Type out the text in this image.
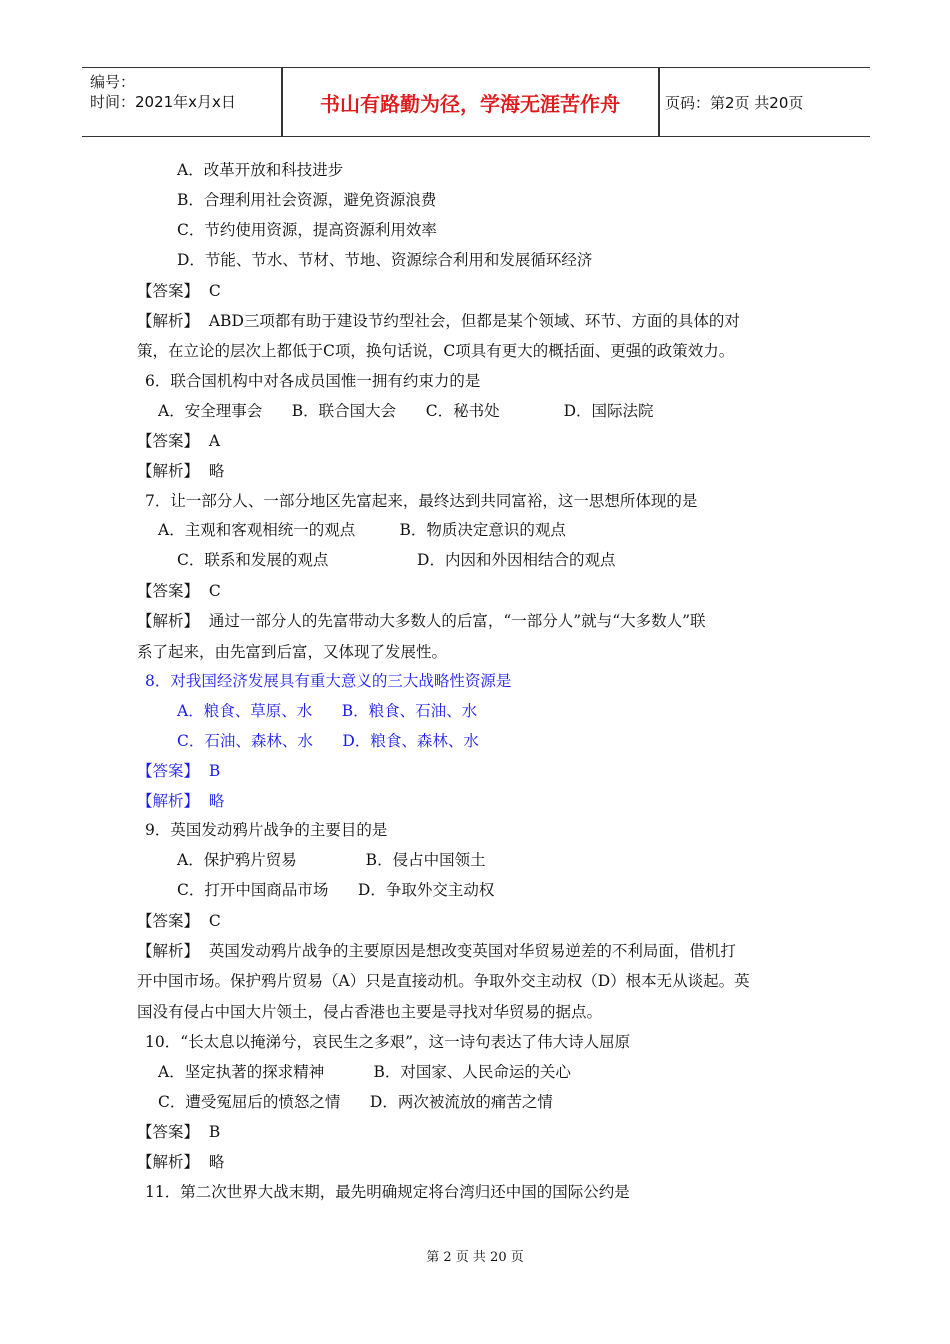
编号：
时间：2021年x月x日	书山有路勤为径，学海无涯苦作舟	页码：第2页 共20页
A．改革开放和科技进步
B．合理利用社会资源，避免资源浪费
C．节约使用资源，提高资源利用效率
D．节能、节水、节材、节地、资源综合利用和发展循环经济
【答案】  C
【解析】  ABD三项都有助于建设节约型社会，但都是某个领域、环节、方面的具体的对
策，在立论的层次上都低于C项，换句话说，C项具有更大的概括面、更强的政策效力。
6．联合国机构中对各成员国惟一拥有约束力的是
A．安全理事会      B．联合国大会      C．秘书处             D．国际法院
【答案】  A
【解析】  略
7．让一部分人、一部分地区先富起来，最终达到共同富裕，这一思想所体现的是
A．主观和客观相统一的观点         B．物质决定意识的观点
C．联系和发展的观点                  D．内因和外因相结合的观点
【答案】  C
【解析】  通过一部分人的先富带动大多数人的后富，“一部分人”就与“大多数人”联
系了起来，由先富到后富，又体现了发展性。
8．对我国经济发展具有重大意义的三大战略性资源是
A．粮食、草原、水      B．粮食、石油、水
C．石油、森林、水      D．粮食、森林、水
【答案】  B
【解析】  略
9．英国发动鸦片战争的主要目的是
A．保护鸦片贸易              B．侵占中国领土
C．打开中国商品市场      D．争取外交主动权
【答案】  C
【解析】  英国发动鸦片战争的主要原因是想改变英国对华贸易逆差的不利局面，借机打
开中国市场。保护鸦片贸易（A）只是直接动机。争取外交主动权（D）根本无从谈起。英
国没有侵占中国大片领土，侵占香港也主要是寻找对华贸易的据点。
10．“长太息以掩涕兮，哀民生之多艰”，这一诗句表达了伟大诗人屈原
A．坚定执著的探求精神          B．对国家、人民命运的关心
C．遭受冤屈后的愤怒之情      D．两次被流放的痛苦之情
【答案】  B
【解析】  略
11．第二次世界大战末期，最先明确规定将台湾归还中国的国际公约是
第 2 页 共 20 页
